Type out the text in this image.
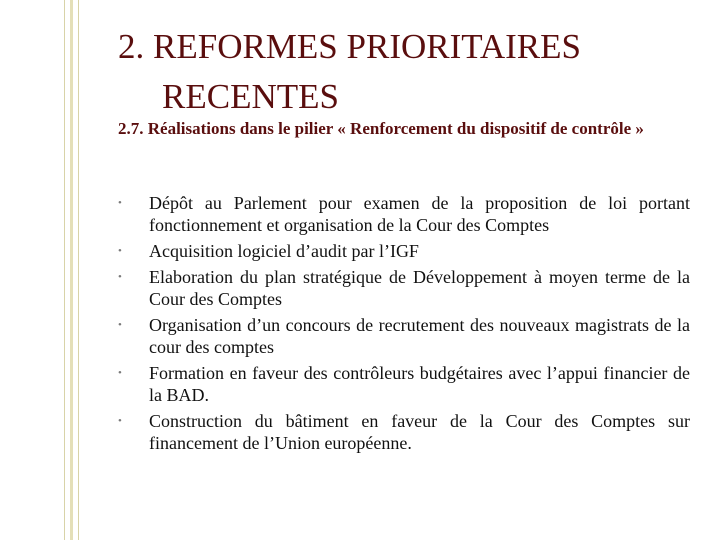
2. REFORMES PRIORITAIRES
RECENTES

2.7. Réalisations dans le pilier « Renforcement du dispositif de contrôle »

•	Dépôt au Parlement pour examen de la proposition de loi portant fonctionnement et organisation de la Cour des Comptes
•	Acquisition logiciel d’audit par l’IGF
•	Elaboration du plan stratégique de Développement à moyen terme de la Cour des Comptes
•	Organisation d’un concours de recrutement des nouveaux magistrats de la cour des comptes
•	Formation en faveur des contrôleurs budgétaires avec l’appui financier de la BAD.
•	Construction du bâtiment en faveur de la Cour des Comptes sur financement de l’Union européenne.
